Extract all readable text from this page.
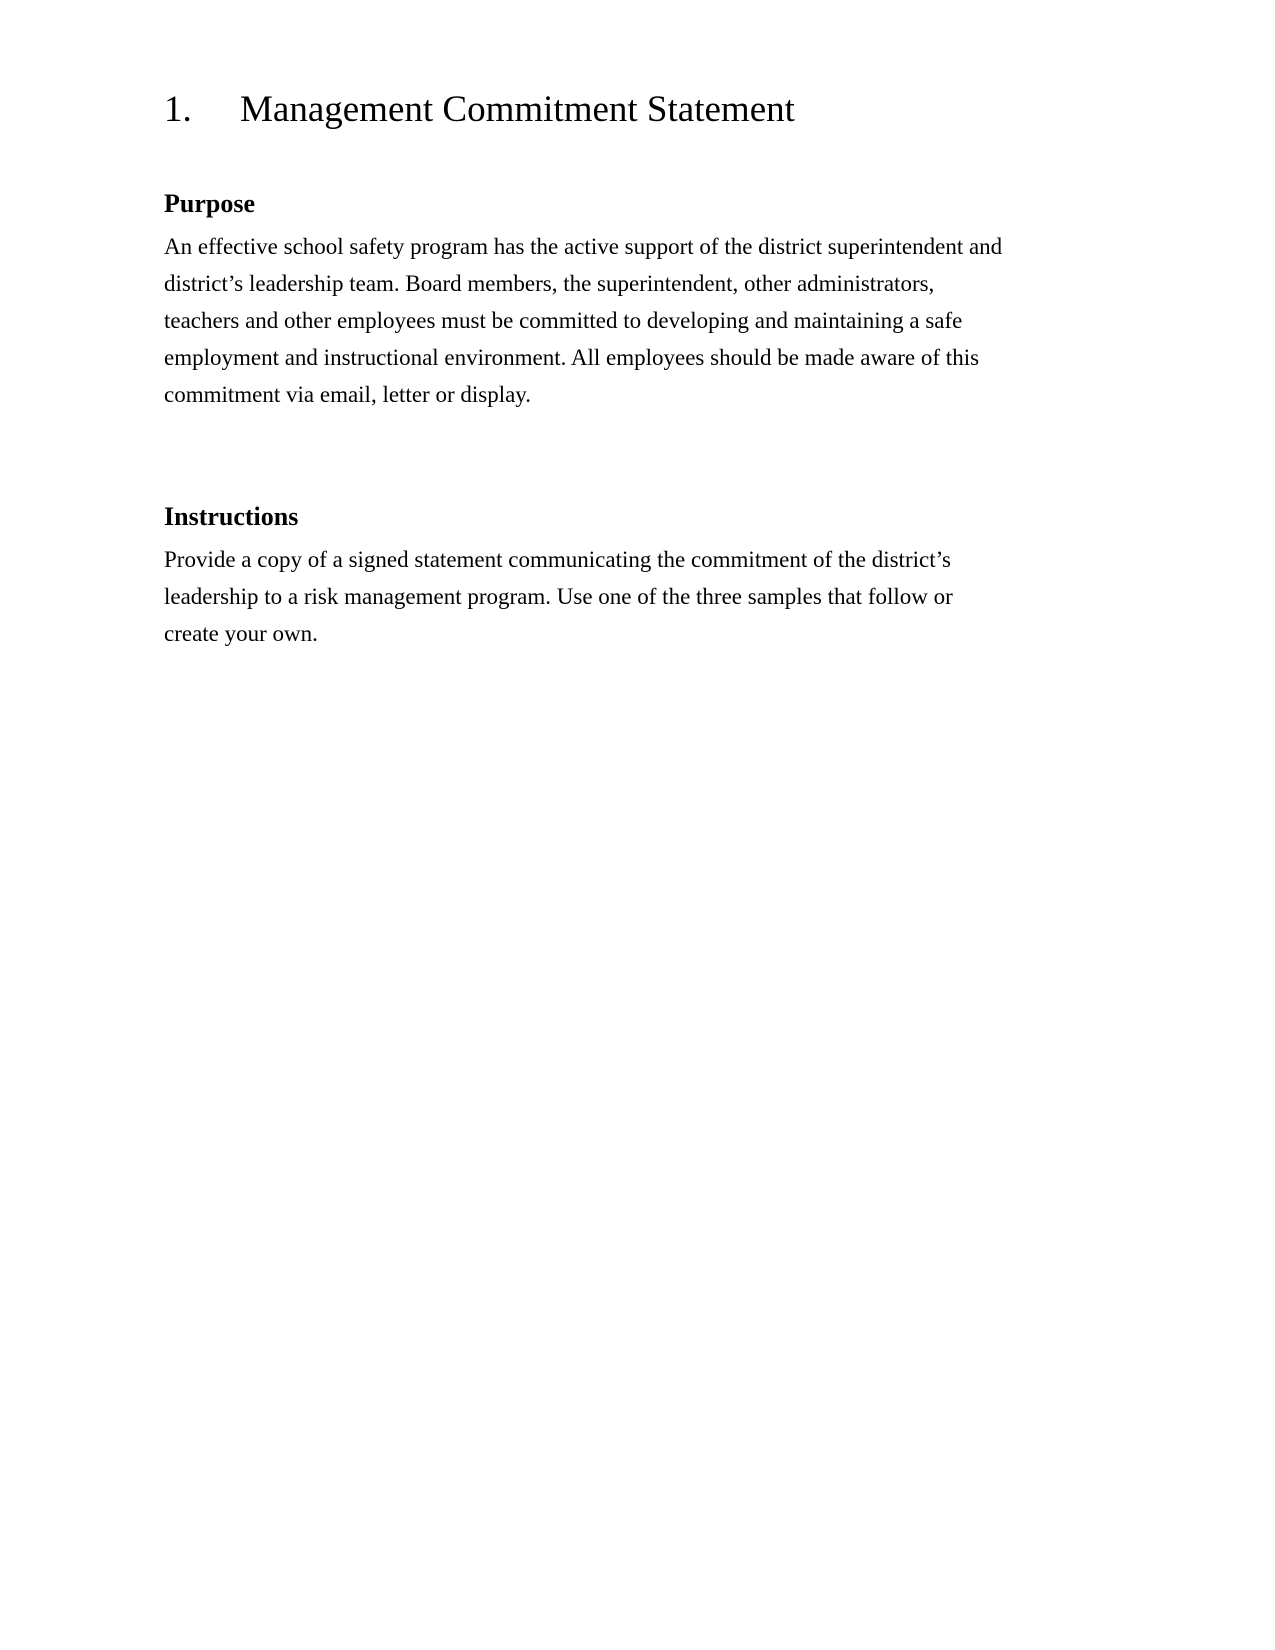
1. Management Commitment Statement
Purpose

An effective school safety program has the active support of the district superintendent and
district’s leadership team. Board members, the superintendent, other administrators,
teachers and other employees must be committed to developing and maintaining a safe
employment and instructional environment. All employees should be made aware of this
commitment via email, letter or display.

Instructions

Provide a copy of a signed statement communicating the commitment of the district’s
leadership to a risk management program. Use one of the three samples that follow or
create your own.
